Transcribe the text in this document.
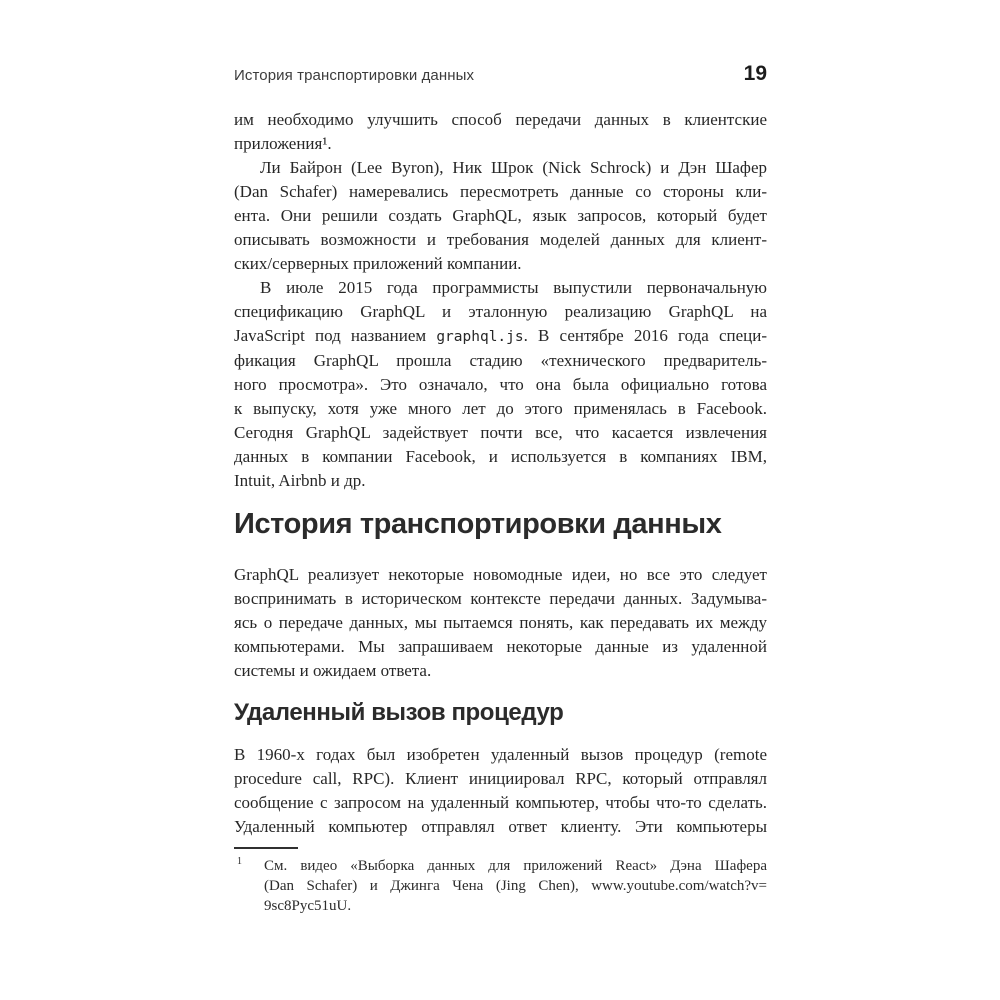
История транспортировки данных	19
им необходимо улучшить способ передачи данных в клиентские
приложения¹.
Ли Байрон (Lee Byron), Ник Шрок (Nick Schrock) и Дэн Шафер
(Dan Schafer) намеревались пересмотреть данные со стороны кли-
ента. Они решили создать GraphQL, язык запросов, который будет
описывать возможности и требования моделей данных для клиент-
ских/серверных приложений компании.
В июле 2015 года программисты выпустили первоначальную
спецификацию GraphQL и эталонную реализацию GraphQL на
JavaScript под названием graphql.js. В сентябре 2016 года специ-
фикация GraphQL прошла стадию «технического предваритель-
ного просмотра». Это означало, что она была официально готова
к выпуску, хотя уже много лет до этого применялась в Facebook.
Сегодня GraphQL задействует почти все, что касается извлечения
данных в компании Facebook, и используется в компаниях IBM,
Intuit, Airbnb и др.
История транспортировки данных
GraphQL реализует некоторые новомодные идеи, но все это следует
воспринимать в историческом контексте передачи данных. Задумыва-
ясь о передаче данных, мы пытаемся понять, как передавать их между
компьютерами. Мы запрашиваем некоторые данные из удаленной
системы и ожидаем ответа.
Удаленный вызов процедур
В 1960-х годах был изобретен удаленный вызов процедур (remote
procedure call, RPC). Клиент инициировал RPC, который отправлял
сообщение с запросом на удаленный компьютер, чтобы что-то сделать.
Удаленный компьютер отправлял ответ клиенту. Эти компьютеры
1 См. видео «Выборка данных для приложений React» Дэна Шафера
(Dan Schafer) и Джинга Чена (Jing Chen), www.youtube.com/watch?v=
9sc8Pyc51uU.
